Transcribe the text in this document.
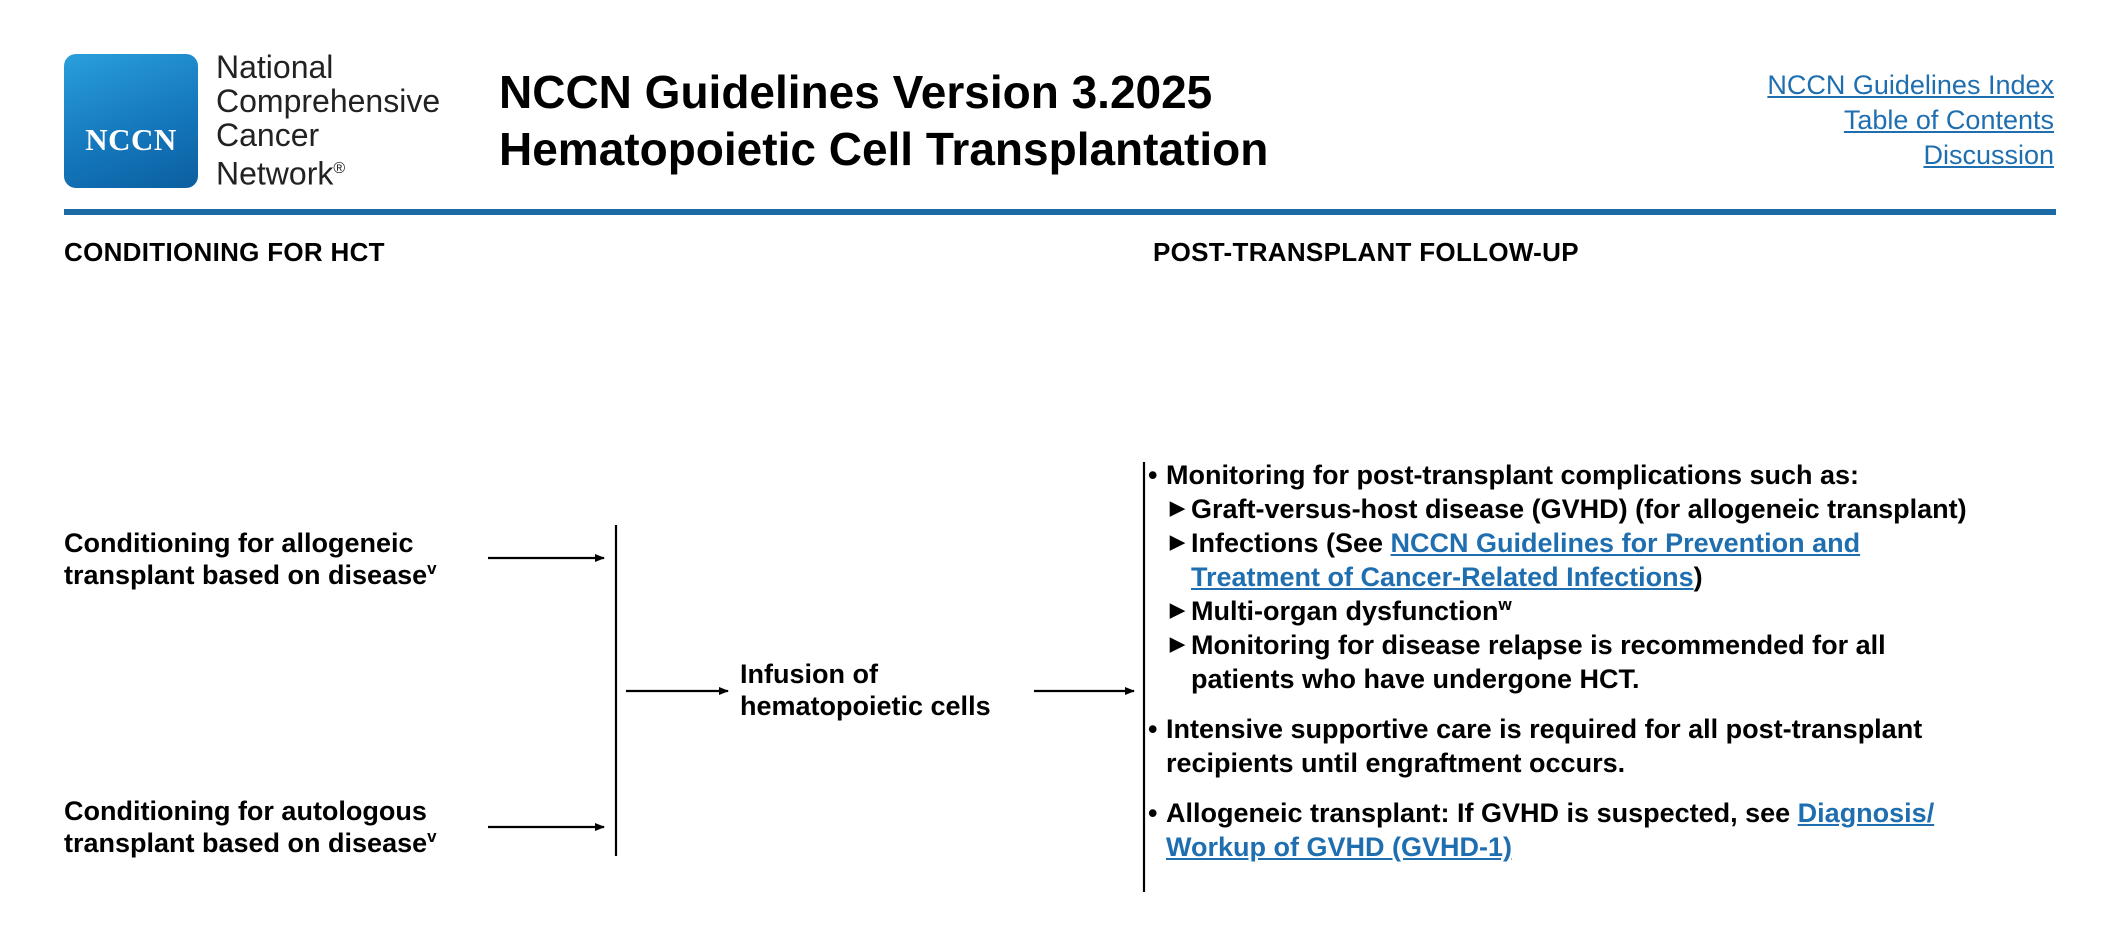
NCCN
National
Comprehensive
Cancer
Network®
NCCN Guidelines Version 3.2025
Hematopoietic Cell Transplantation
NCCN Guidelines Index
Table of Contents
Discussion
CONDITIONING FOR HCT	POST-TRANSPLANT FOLLOW-UP
Conditioning for allogeneic
transplant based on disease$^v$
Conditioning for autologous
transplant based on disease$^v$
Infusion of
hematopoietic cells
• Monitoring for post-transplant complications such as:
▶ Graft-versus-host disease (GVHD) (for allogeneic transplant)
▶ Infections (See NCCN Guidelines for Prevention and
Treatment of Cancer-Related Infections)
▶ Multi-organ dysfunction$^w$
▶ Monitoring for disease relapse is recommended for all
patients who have undergone HCT.
• Intensive supportive care is required for all post-transplant
recipients until engraftment occurs.
• Allogeneic transplant: If GVHD is suspected, see Diagnosis/
Workup of GVHD (GVHD-1)
